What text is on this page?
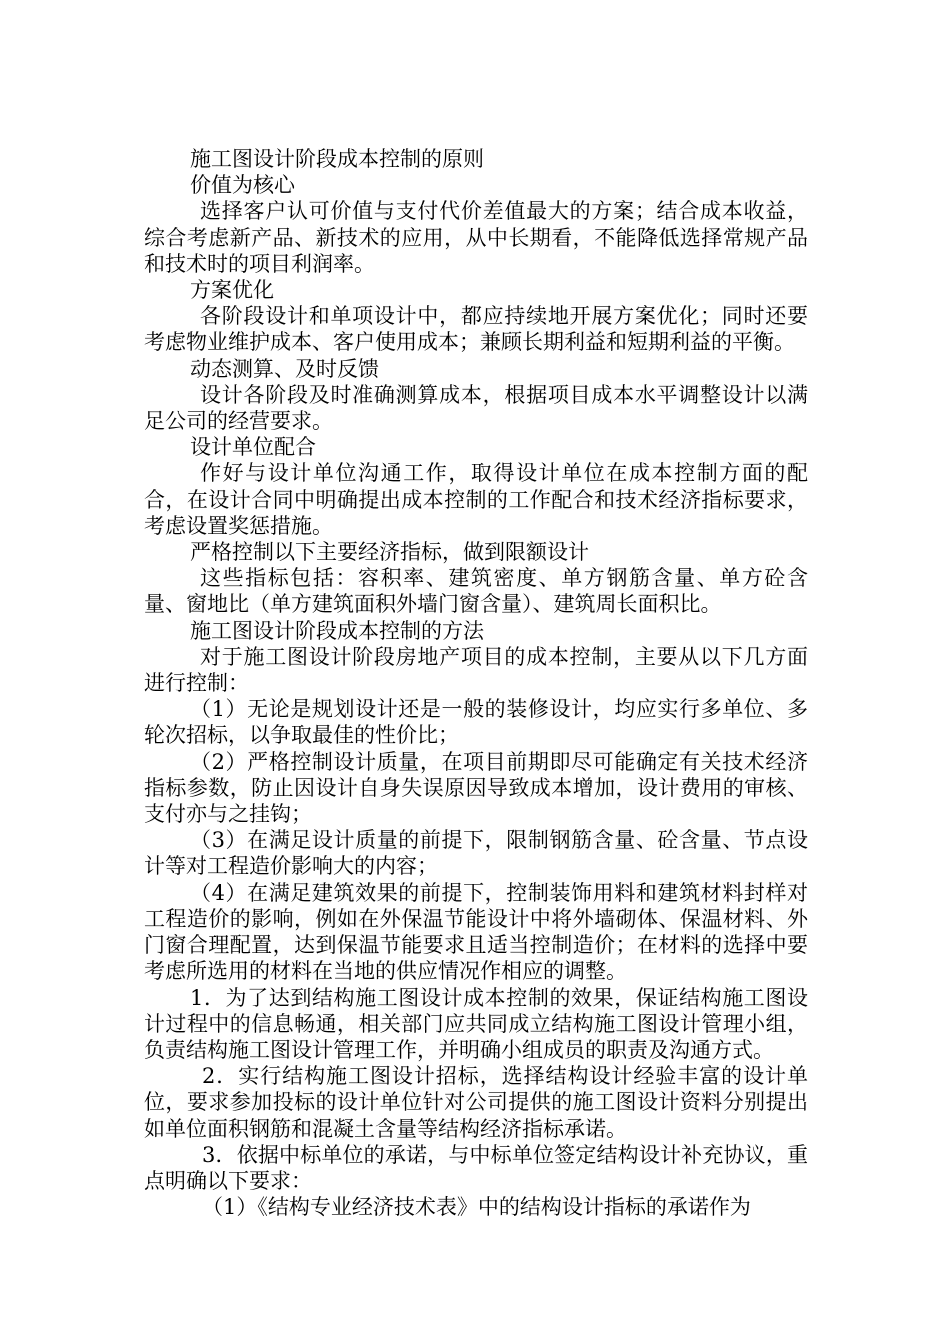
施工图设计阶段成本控制的原则

价值为核心

选择客户认可价值与支付代价差值最大的方案；结合成本收益，综合考虑新产品、新技术的应用，从中长期看，不能降低选择常规产品和技术时的项目利润率。

方案优化

各阶段设计和单项设计中，都应持续地开展方案优化；同时还要考虑物业维护成本、客户使用成本；兼顾长期利益和短期利益的平衡。

动态测算、及时反馈

设计各阶段及时准确测算成本，根据项目成本水平调整设计以满足公司的经营要求。

设计单位配合

作好与设计单位沟通工作，取得设计单位在成本控制方面的配合，在设计合同中明确提出成本控制的工作配合和技术经济指标要求，考虑设置奖惩措施。

严格控制以下主要经济指标，做到限额设计

这些指标包括：容积率、建筑密度、单方钢筋含量、单方砼含量、窗地比（单方建筑面积外墙门窗含量）、建筑周长面积比。

施工图设计阶段成本控制的方法

对于施工图设计阶段房地产项目的成本控制，主要从以下几方面进行控制：

（1）无论是规划设计还是一般的装修设计，均应实行多单位、多轮次招标，以争取最佳的性价比；

（2）严格控制设计质量，在项目前期即尽可能确定有关技术经济指标参数，防止因设计自身失误原因导致成本增加，设计费用的审核、支付亦与之挂钩；

（3）在满足设计质量的前提下，限制钢筋含量、砼含量、节点设计等对工程造价影响大的内容；

（4）在满足建筑效果的前提下，控制装饰用料和建筑材料封样对工程造价的影响，例如在外保温节能设计中将外墙砌体、保温材料、外门窗合理配置，达到保温节能要求且适当控制造价；在材料的选择中要考虑所选用的材料在当地的供应情况作相应的调整。

1．为了达到结构施工图设计成本控制的效果，保证结构施工图设计过程中的信息畅通，相关部门应共同成立结构施工图设计管理小组，负责结构施工图设计管理工作，并明确小组成员的职责及沟通方式。

2．实行结构施工图设计招标，选择结构设计经验丰富的设计单位，要求参加投标的设计单位针对公司提供的施工图设计资料分别提出如单位面积钢筋和混凝土含量等结构经济指标承诺。

3．依据中标单位的承诺，与中标单位签定结构设计补充协议，重点明确以下要求：

（1）《结构专业经济技术表》中的结构设计指标的承诺作为
